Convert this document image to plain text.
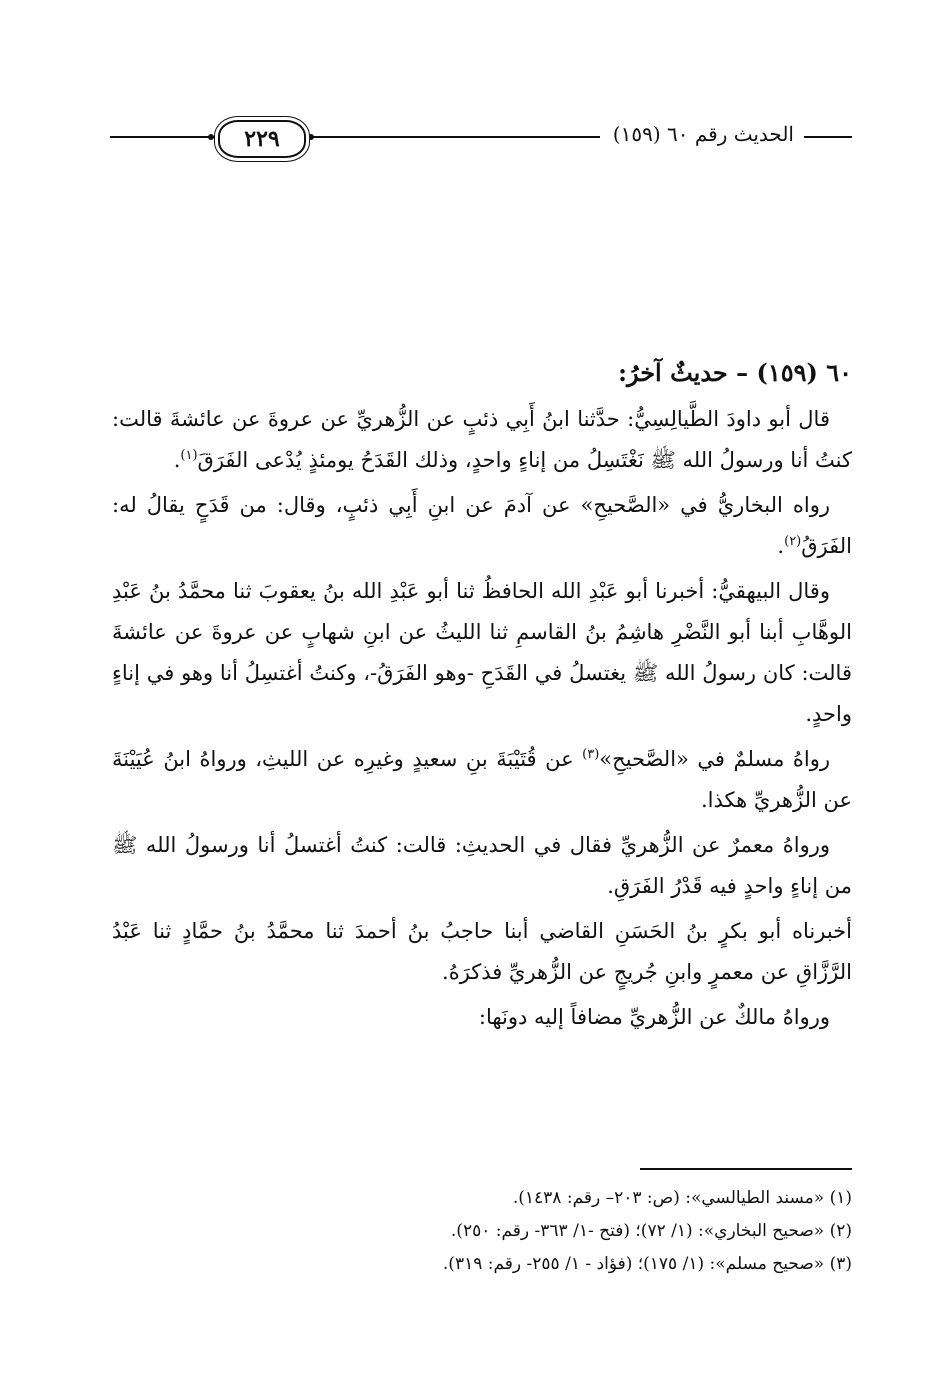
الحديث رقم ٦٠ (١٥٩)
٢٢٩
٦٠ (١٥٩) – حديثٌ آخرُ:

قال أبو داودَ الطَّيالِسِيُّ: حدَّثنا ابنُ أَبِي ذئبٍ عن الزُّهريِّ عن عروةَ عن عائشةَ قالت: كنتُ أنا ورسولُ الله ﷺ نَغْتَسِلُ من إناءٍ واحدٍ، وذلك القَدَحُ يومئذٍ يُدْعى الفَرَقَ$^{(١)}$.

رواه البخاريُّ في «الصَّحيحِ» عن آدمَ عن ابنِ أَبِي ذئبٍ، وقال: من قَدَحٍ يقالُ له: الفَرَقُ$^{(٢)}$.

وقال البيهقيُّ: أخبرنا أبو عَبْدِ الله الحافظُ ثنا أبو عَبْدِ الله بنُ يعقوبَ ثنا محمَّدُ بنُ عَبْدِ الوهَّابِ أبنا أبو النَّضْرِ هاشِمُ بنُ القاسمِ ثنا الليثُ عن ابنِ شهابٍ عن عروةَ عن عائشةَ قالت: كان رسولُ الله ﷺ يغتسلُ في القَدَحِ -وهو الفَرَقُ-، وكنتُ أغتسِلُ أنا وهو في إناءٍ واحدٍ.

رواهُ مسلمٌ في «الصَّحيحِ»$^{(٣)}$ عن قُتَيْبَةَ بنِ سعيدٍ وغيرِه عن الليثِ، ورواهُ ابنُ عُيَيْنَةَ عن الزُّهريِّ هكذا.

ورواهُ معمرٌ عن الزُّهريِّ فقال في الحديثِ: قالت: كنتُ أغتسلُ أنا ورسولُ الله ﷺ من إناءٍ واحدٍ فيه قَدْرُ الفَرَقِ.

أخبرناه أبو بكرٍ بنُ الحَسَنِ القاضي أبنا حاجبُ بنُ أحمدَ ثنا محمَّدُ بنُ حمَّادٍ ثنا عَبْدُ الرَّزَّاقِ عن معمرٍ وابنِ جُريجٍ عن الزُّهريِّ فذكرَهُ.

ورواهُ مالكٌ عن الزُّهريِّ مضافاً إليه دونَها:

(١) «مسند الطيالسي»: (ص: ٢٠٣– رقم: ١٤٣٨).

(٢) «صحيح البخاري»: (١/ ٧٢)؛ (فتح -١/ ٣٦٣- رقم: ٢٥٠).

(٣) «صحيح مسلم»: (١/ ١٧٥)؛ (فؤاد - ١/ ٢٥٥- رقم: ٣١٩).
